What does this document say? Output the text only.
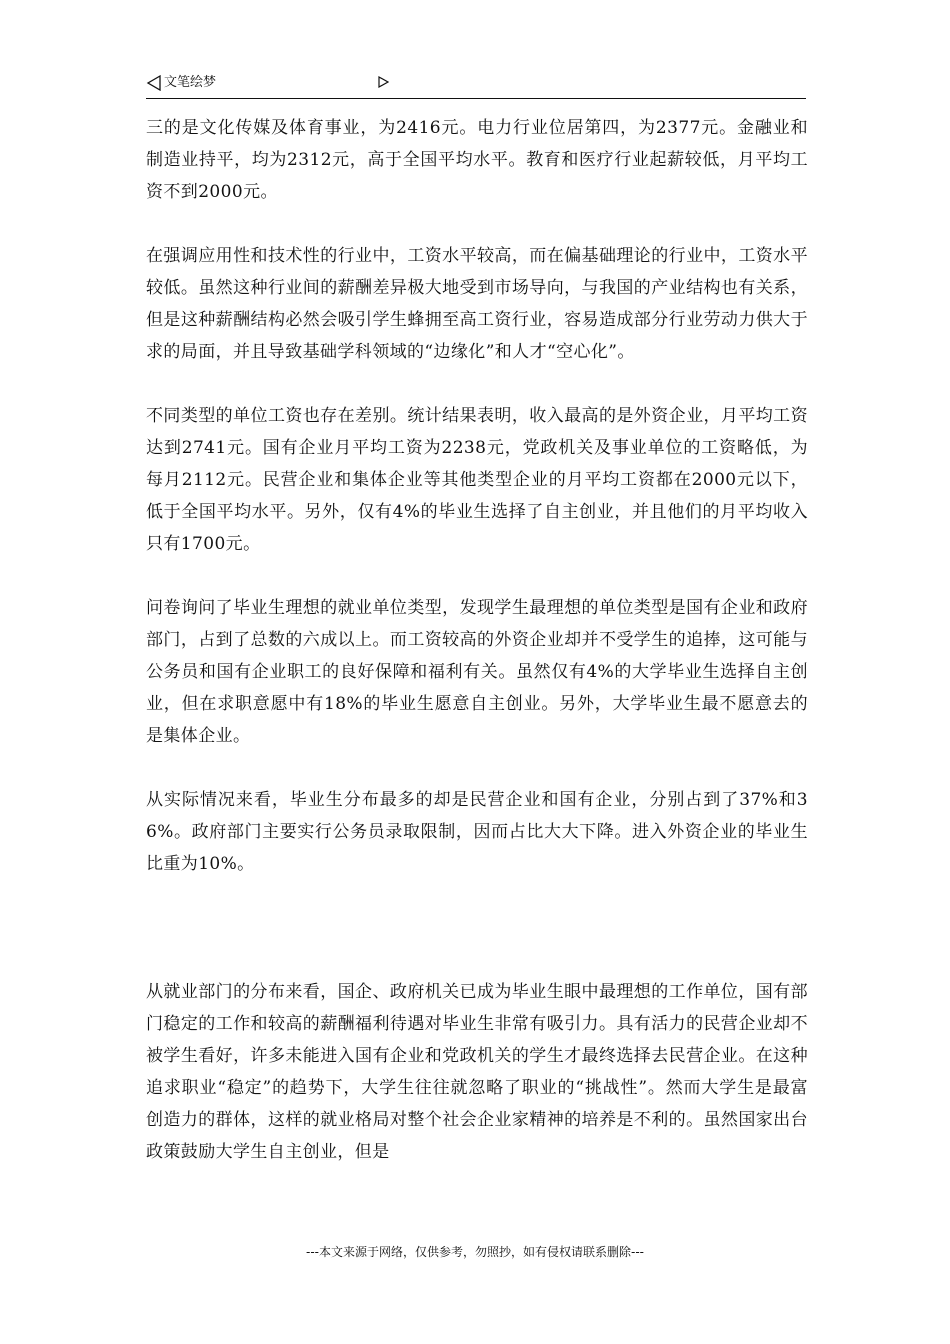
文笔绘梦

三的是文化传媒及体育事业，为2416元。电力行业位居第四，为2377元。金融业和制造业持平，均为2312元，高于全国平均水平。教育和医疗行业起薪较低，月平均工资不到2000元。

在强调应用性和技术性的行业中，工资水平较高，而在偏基础理论的行业中，工资水平较低。虽然这种行业间的薪酬差异极大地受到市场导向，与我国的产业结构也有关系，但是这种薪酬结构必然会吸引学生蜂拥至高工资行业，容易造成部分行业劳动力供大于求的局面，并且导致基础学科领域的“边缘化”和人才“空心化”。

不同类型的单位工资也存在差别。统计结果表明，收入最高的是外资企业，月平均工资达到2741元。国有企业月平均工资为2238元，党政机关及事业单位的工资略低，为每月2112元。民营企业和集体企业等其他类型企业的月平均工资都在2000元以下，低于全国平均水平。另外，仅有4%的毕业生选择了自主创业，并且他们的月平均收入只有1700元。

问卷询问了毕业生理想的就业单位类型，发现学生最理想的单位类型是国有企业和政府部门，占到了总数的六成以上。而工资较高的外资企业却并不受学生的追捧，这可能与公务员和国有企业职工的良好保障和福利有关。虽然仅有4%的大学毕业生选择自主创业，但在求职意愿中有18%的毕业生愿意自主创业。另外，大学毕业生最不愿意去的是集体企业。

从实际情况来看，毕业生分布最多的却是民营企业和国有企业，分别占到了37%和36%。政府部门主要实行公务员录取限制，因而占比大大下降。进入外资企业的毕业生比重为10%。

从就业部门的分布来看，国企、政府机关已成为毕业生眼中最理想的工作单位，国有部门稳定的工作和较高的薪酬福利待遇对毕业生非常有吸引力。具有活力的民营企业却不被学生看好，许多未能进入国有企业和党政机关的学生才最终选择去民营企业。在这种追求职业“稳定”的趋势下，大学生往往就忽略了职业的“挑战性”。然而大学生是最富创造力的群体，这样的就业格局对整个社会企业家精神的培养是不利的。虽然国家出台政策鼓励大学生自主创业，但是

---本文来源于网络，仅供参考，勿照抄，如有侵权请联系删除---
